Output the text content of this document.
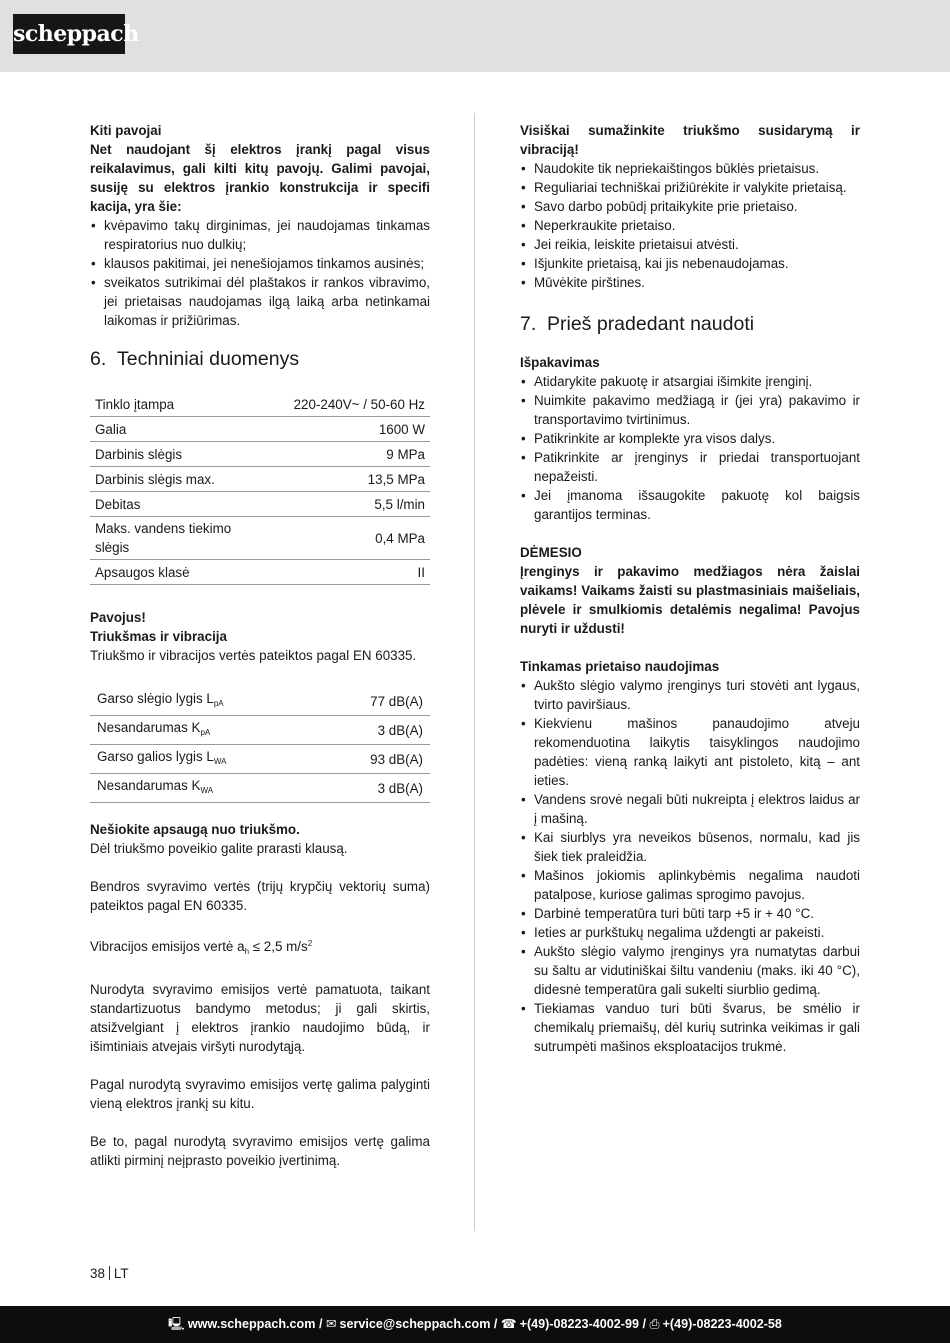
scheppach

Kiti pavojai

Net naudojant šį elektros įrankį pagal visus reikalavimus, gali kilti kitų pavojų. Galimi pavojai, susiję su elektros įrankio konstrukcija ir specifi kacija, yra šie:

• kvėpavimo takų dirginimas, jei naudojamas tinkamas respiratorius nuo dulkių;
• klausos pakitimai, jei nenešiojamos tinkamos ausinės;
• sveikatos sutrikimai dėl plaštakos ir rankos vibravimo, jei prietaisas naudojamas ilgą laiką arba netinkamai laikomas ir prižiūrimas.
6. Techniniai duomenys
Tinklo įtampa	220-240V~ / 50-60 Hz
Galia	1600 W
Darbinis slėgis	9 MPa
Darbinis slėgis max.	13,5 MPa
Debitas	5,5 l/min
Maks. vandens tiekimo slėgis	0,4 MPa
Apsaugos klasė	II

Pavojus!

Triukšmas ir vibracija

Triukšmo ir vibracijos vertės pateiktos pagal EN 60335.

Garso slėgio lygis $L_{pA}$	77 dB(A)
Nesandarumas $K_{pA}$	3 dB(A)
Garso galios lygis $L_{WA}$	93 dB(A)
Nesandarumas $K_{WA}$	3 dB(A)

Nešiokite apsaugą nuo triukšmo.

Dėl triukšmo poveikio galite prarasti klausą.

Bendros svyravimo vertės (trijų krypčių vektorių suma) pateiktos pagal EN 60335.

Vibracijos emisijos vertė $a_h \le 2,5$ $m/s^2$

Nurodyta svyravimo emisijos vertė pamatuota, taikant standartizuotus bandymo metodus; ji gali skirtis, atsižvelgiant į elektros įrankio naudojimo būdą, ir išimtiniais atvejais viršyti nurodytąją.

Pagal nurodytą svyravimo emisijos vertę galima palyginti vieną elektros įrankį su kitu.

Be to, pagal nurodytą svyravimo emisijos vertę galima atlikti pirminį neįprasto poveikio įvertinimą.

Visiškai sumažinkite triukšmo susidarymą ir vibraciją!

• Naudokite tik nepriekaištingos būklės prietaisus.
• Reguliariai techniškai prižiūrėkite ir valykite prietaisą.
• Savo darbo pobūdį pritaikykite prie prietaiso.
• Neperkraukite prietaiso.
• Jei reikia, leiskite prietaisui atvėsti.
• Išjunkite prietaisą, kai jis nebenaudojamas.
• Mūvėkite pirštines.
7. Prieš pradedant naudoti

Išpakavimas

• Atidarykite pakuotę ir atsargiai išimkite įrenginį.
• Nuimkite pakavimo medžiagą ir (jei yra) pakavimo ir transportavimo tvirtinimus.
• Patikrinkite ar komplekte yra visos dalys.
• Patikrinkite ar įrenginys ir priedai transportuojant nepažeisti.
• Jei įmanoma išsaugokite pakuotę kol baigsis garantijos terminas.

DĖMESIO

Įrenginys ir pakavimo medžiagos nėra žaislai vaikams! Vaikams žaisti su plastmasiniais maišeliais, plėvele ir smulkiomis detalėmis negalima! Pavojus nuryti ir uždusti!

Tinkamas prietaiso naudojimas

• Aukšto slėgio valymo įrenginys turi stovėti ant lygaus, tvirto paviršiaus.
• Kiekvienu mašinos panaudojimo atveju rekomenduotina laikytis taisyklingos naudojimo padėties: vieną ranką laikyti ant pistoleto, kitą – ant ieties.
• Vandens srovė negali būti nukreipta į elektros laidus ar į mašiną.
• Kai siurblys yra neveikos būsenos, normalu, kad jis šiek tiek praleidžia.
• Mašinos jokiomis aplinkybėmis negalima naudoti patalpose, kuriose galimas sprogimo pavojus.
• Darbinė temperatūra turi būti tarp +5 ir + 40 °C.
• Ieties ar purkštukų negalima uždengti ar pakeisti.
• Aukšto slėgio valymo įrenginys yra numatytas darbui su šaltu ar vidutiniškai šiltu vandeniu (maks. iki 40 °C), didesnė temperatūra gali sukelti siurblio gedimą.
• Tiekiamas vanduo turi būti švarus, be smėlio ir chemikalų priemaišų, dėl kurių sutrinka veikimas ir gali sutrumpėti mašinos eksploatacijos trukmė.
38 LT
🖳 www.scheppach.com / ✉ service@scheppach.com / ☎ +(49)-08223-4002-99 / ⎙ +(49)-08223-4002-58
